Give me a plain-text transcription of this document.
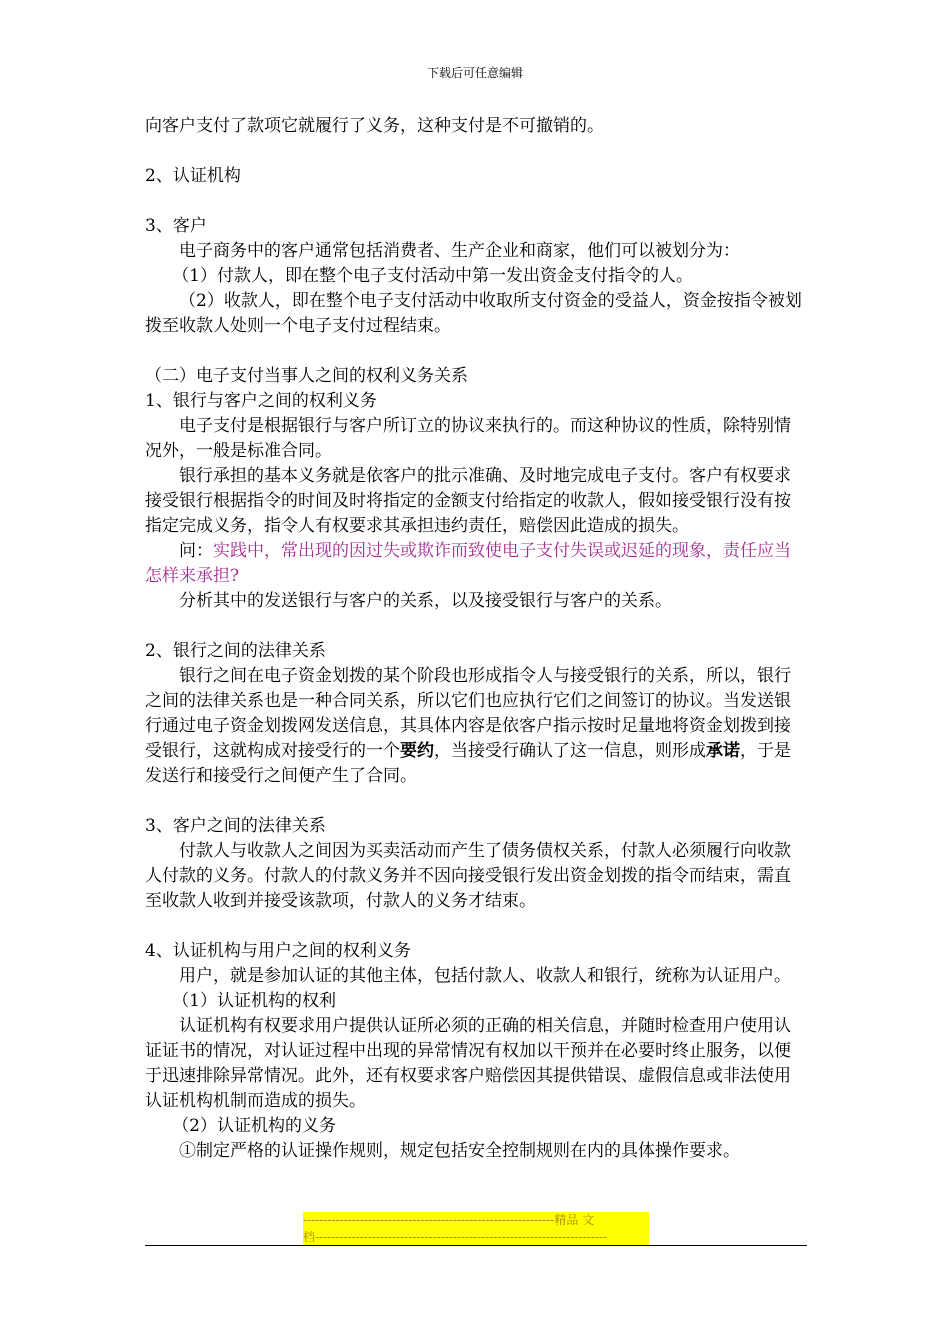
下载后可任意编辑

向客户支付了款项它就履行了义务，这种支付是不可撤销的。

2、认证机构

3、客户

电子商务中的客户通常包括消费者、生产企业和商家，他们可以被划分为：

（1）付款人，即在整个电子支付活动中第一发出资金支付指令的人。

（2）收款人，即在整个电子支付活动中收取所支付资金的受益人，资金按指令被划拨至收款人处则一个电子支付过程结束。

（二）电子支付当事人之间的权利义务关系

1、银行与客户之间的权利义务

电子支付是根据银行与客户所订立的协议来执行的。而这种协议的性质，除特别情况外，一般是标准合同。

银行承担的基本义务就是依客户的批示准确、及时地完成电子支付。客户有权要求接受银行根据指令的时间及时将指定的金额支付给指定的收款人，假如接受银行没有按指定完成义务，指令人有权要求其承担违约责任，赔偿因此造成的损失。

问：实践中，常出现的因过失或欺诈而致使电子支付失误或迟延的现象，责任应当怎样来承担?

分析其中的发送银行与客户的关系，以及接受银行与客户的关系。

2、银行之间的法律关系

银行之间在电子资金划拨的某个阶段也形成指令人与接受银行的关系，所以，银行之间的法律关系也是一种合同关系，所以它们也应执行它们之间签订的协议。当发送银行通过电子资金划拨网发送信息，其具体内容是依客户指示按时足量地将资金划拨到接受银行，这就构成对接受行的一个要约，当接受行确认了这一信息，则形成承诺，于是发送行和接受行之间便产生了合同。

3、客户之间的法律关系

付款人与收款人之间因为买卖活动而产生了债务债权关系，付款人必须履行向收款人付款的义务。付款人的付款义务并不因向接受银行发出资金划拨的指令而结束，需直至收款人收到并接受该款项，付款人的义务才结束。

4、认证机构与用户之间的权利义务

用户，就是参加认证的其他主体，包括付款人、收款人和银行，统称为认证用户。

（1）认证机构的权利

认证机构有权要求用户提供认证所必须的正确的相关信息，并随时检查用户使用认证证书的情况，对认证过程中出现的异常情况有权加以干预并在必要时终止服务，以便于迅速排除异常情况。此外，还有权要求客户赔偿因其提供错误、虚假信息或非法使用认证机构机制而造成的损失。

（2）认证机构的义务

①制定严格的认证操作规则，规定包括安全控制规则在内的具体操作要求。

--------------------------------------------------------------精品 文
档------------------------------------------------------------------------
